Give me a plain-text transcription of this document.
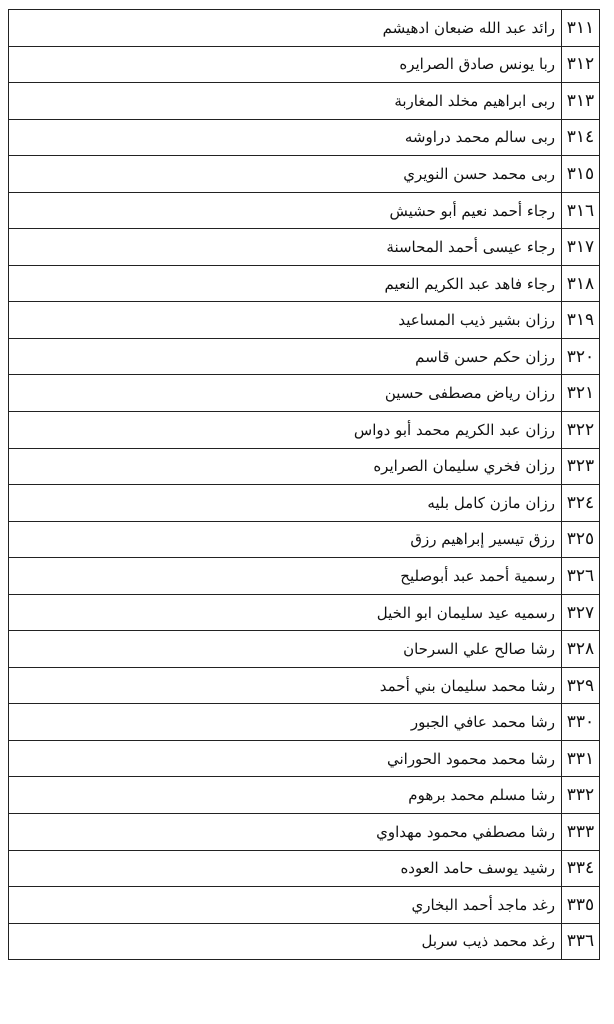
٣١١	رائد عبد الله ضبعان ادهيشم
٣١٢	ربا يونس صادق الصرايره
٣١٣	ربى ابراهيم مخلد المغاربة
٣١٤	ربى سالم محمد دراوشه
٣١٥	ربى محمد حسن النويري
٣١٦	رجاء أحمد نعيم أبو حشيش
٣١٧	رجاء عيسى أحمد المحاسنة
٣١٨	رجاء فاهد عبد الكريم النعيم
٣١٩	رزان بشير ذيب المساعيد
٣٢٠	رزان حكم حسن قاسم
٣٢١	رزان رياض مصطفى حسين
٣٢٢	رزان عبد الكريم محمد أبو دواس
٣٢٣	رزان فخري سليمان الصرايره
٣٢٤	رزان مازن كامل بليه
٣٢٥	رزق تيسير إبراهيم رزق
٣٢٦	رسمية أحمد عبد أبوصليح
٣٢٧	رسميه عيد سليمان ابو الخيل
٣٢٨	رشا صالح علي السرحان
٣٢٩	رشا محمد سليمان بني أحمد
٣٣٠	رشا محمد عافي الجبور
٣٣١	رشا محمد محمود الحوراني
٣٣٢	رشا مسلم محمد برهوم
٣٣٣	رشا مصطفي محمود مهداوي
٣٣٤	رشيد يوسف حامد العوده
٣٣٥	رغد ماجد أحمد البخاري
٣٣٦	رغد محمد ذيب سربل
